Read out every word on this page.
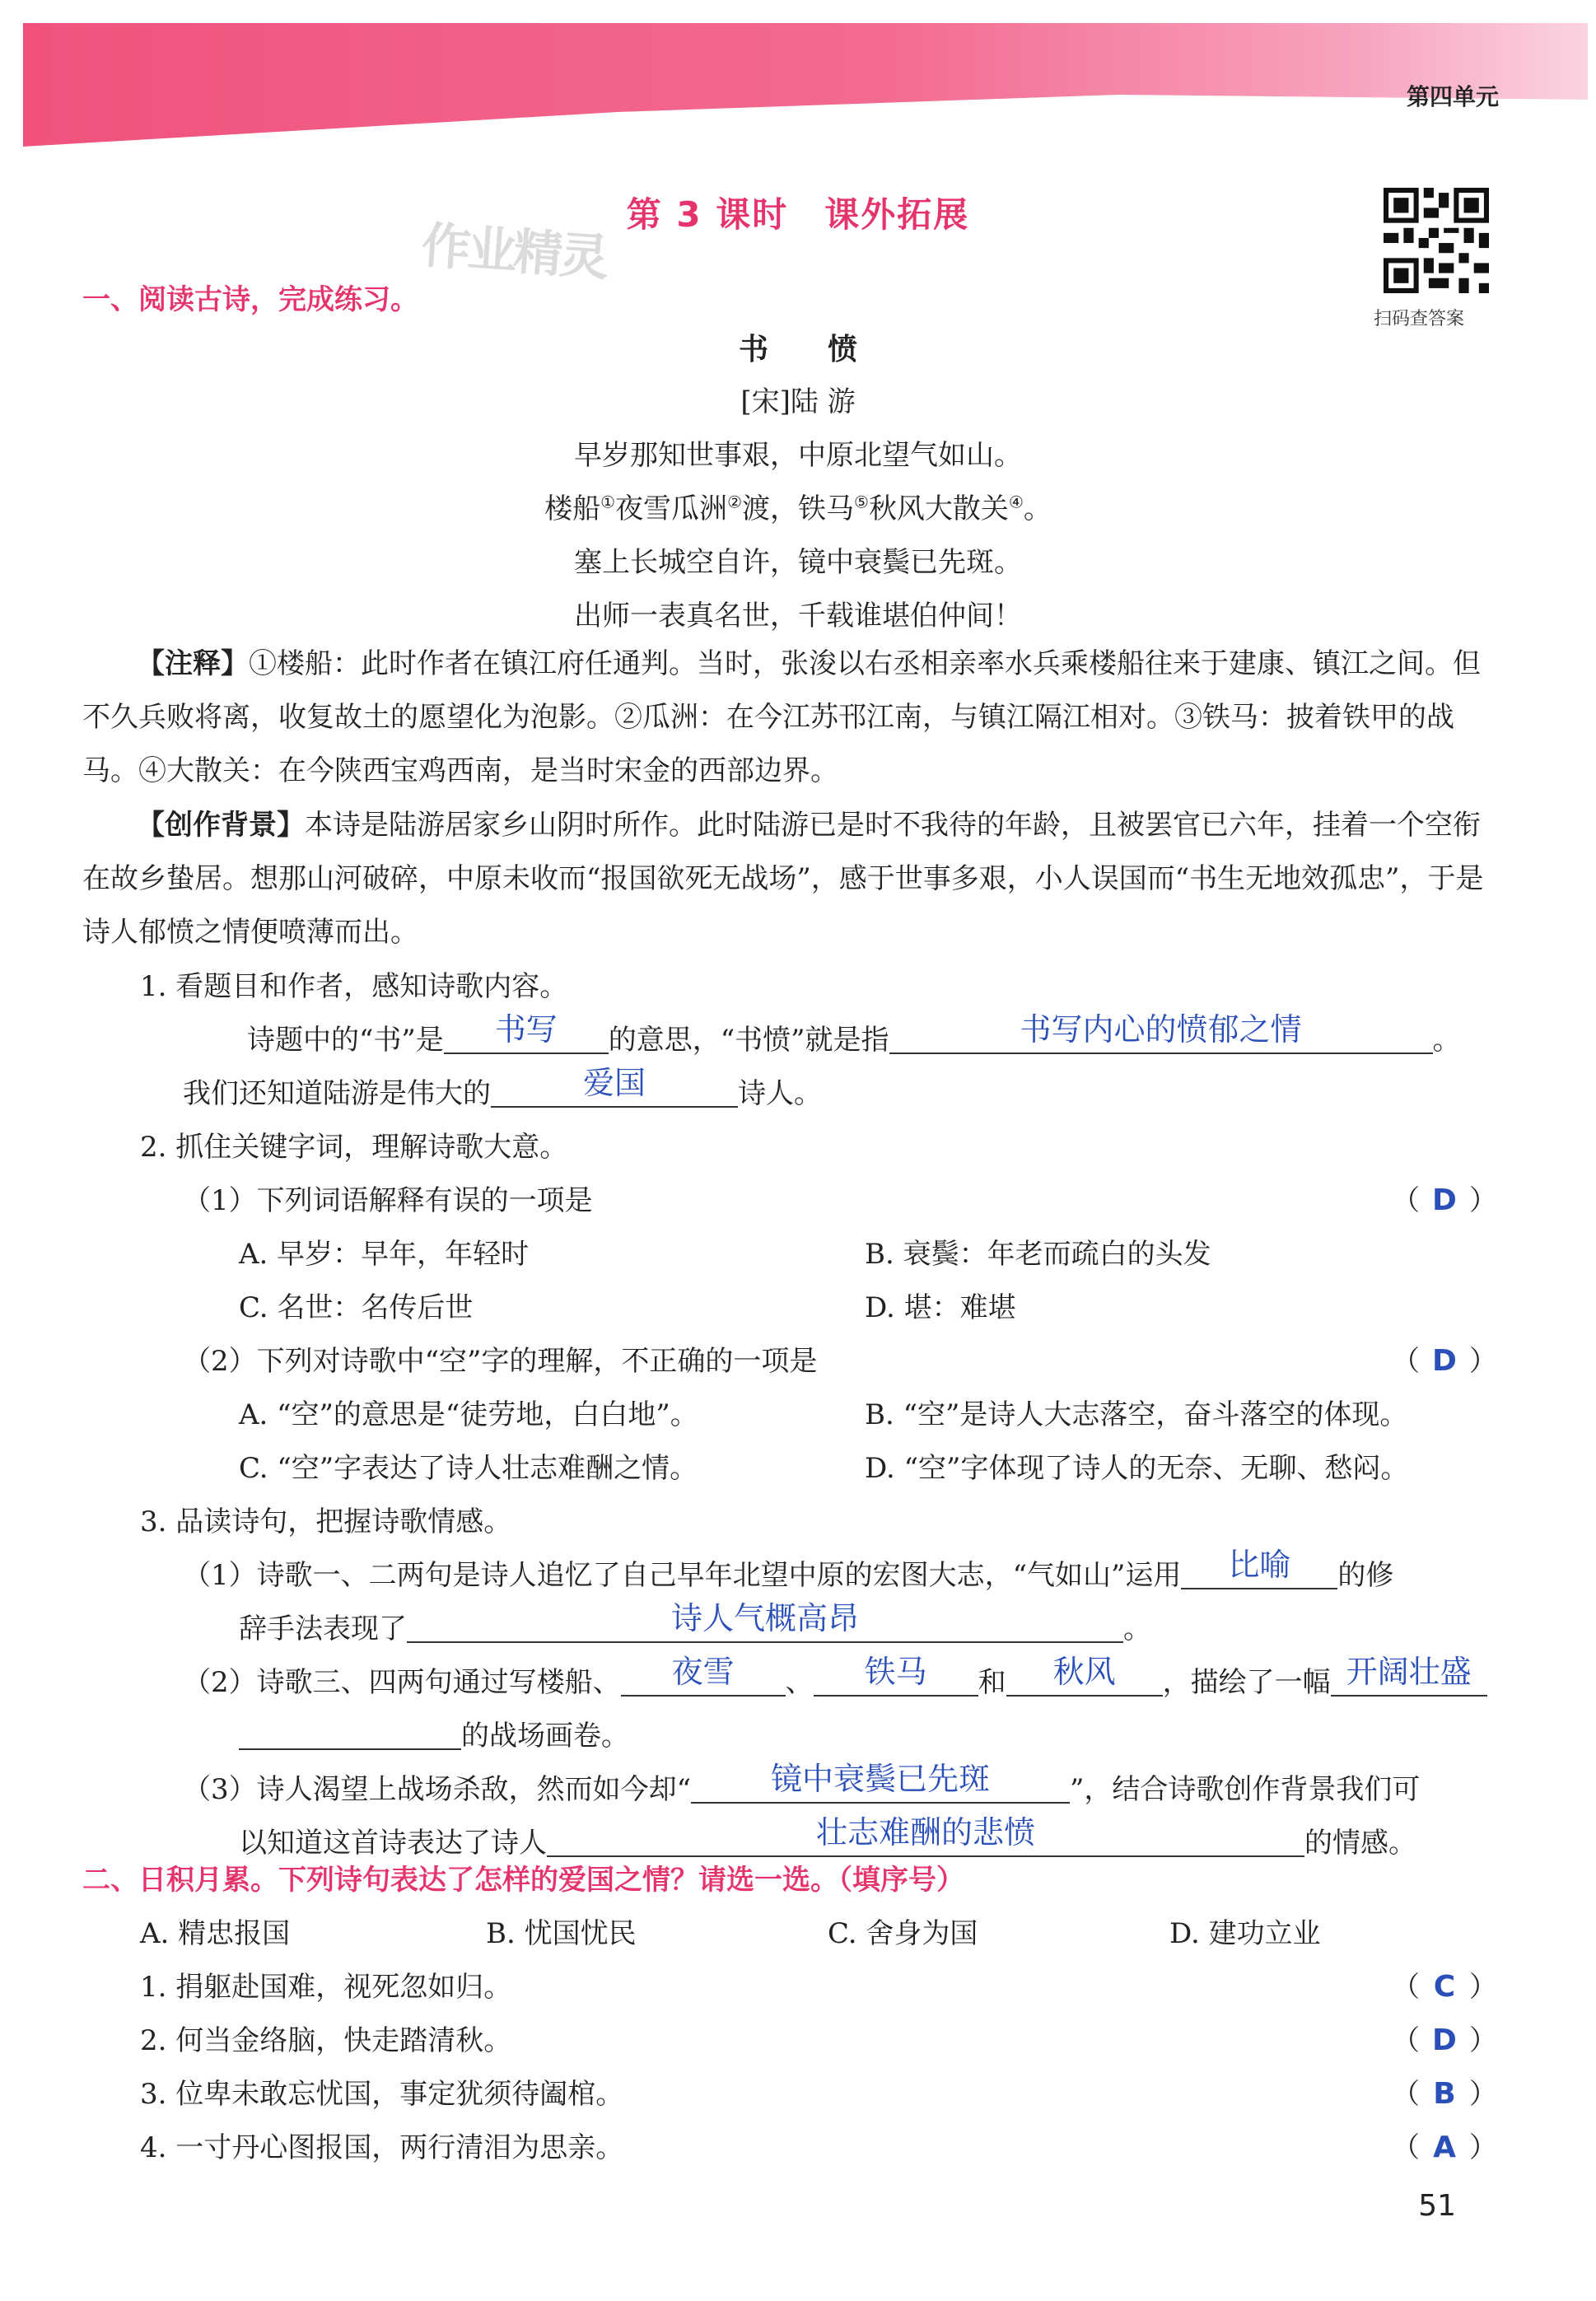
第四单元
第 3 课时　课外拓展
作业精灵
扫码查答案
一、阅读古诗，完成练习。
书　　愤
[宋]陆 游
早岁那知世事艰，中原北望气如山。
楼船①夜雪瓜洲②渡，铁马⑤秋风大散关④。
塞上长城空自许，镜中衰鬓已先斑。
出师一表真名世，千载谁堪伯仲间！
【注释】①楼船：此时作者在镇江府任通判。当时，张浚以右丞相亲率水兵乘楼船往来于建康、镇江之间。但不久兵败将离，收复故土的愿望化为泡影。②瓜洲：在今江苏邗江南，与镇江隔江相对。③铁马：披着铁甲的战马。④大散关：在今陕西宝鸡西南，是当时宋金的西部边界。
【创作背景】本诗是陆游居家乡山阴时所作。此时陆游已是时不我待的年龄，且被罢官已六年，挂着一个空衔在故乡蛰居。想那山河破碎，中原未收而“报国欲死无战场”，感于世事多艰，小人误国而“书生无地效孤忠”，于是诗人郁愤之情便喷薄而出。
1. 看题目和作者，感知诗歌内容。
诗题中的“书”是	书写	的意思，“书愤”就是指	书写内心的愤郁之情	。
我们还知道陆游是伟大的	爱国	诗人。
2. 抓住关键字词，理解诗歌大意。
（1）下列词语解释有误的一项是	（ D ）
A. 早岁：早年，年轻时	B. 衰鬓：年老而疏白的头发
C. 名世：名传后世	D. 堪：难堪
（2）下列对诗歌中“空”字的理解，不正确的一项是	（ D ）
A. “空”的意思是“徒劳地，白白地”。	B. “空”是诗人大志落空，奋斗落空的体现。
C. “空”字表达了诗人壮志难酬之情。	D. “空”字体现了诗人的无奈、无聊、愁闷。
3. 品读诗句，把握诗歌情感。
（1）诗歌一、二两句是诗人追忆了自己早年北望中原的宏图大志，“气如山”运用	比喻	的修
辞手法表现了	诗人气概高昂	。
（2）诗歌三、四两句通过写楼船、	夜雪	、	铁马	和	秋风	，描绘了一幅 开阔壮盛
的战场画卷。
（3）诗人渴望上战场杀敌，然而如今却“	镜中衰鬓已先斑	”，结合诗歌创作背景我们可
以知道这首诗表达了诗人	壮志难酬的悲愤	的情感。
二、日积月累。下列诗句表达了怎样的爱国之情？请选一选。（填序号）
A. 精忠报国	B. 忧国忧民	C. 舍身为国	D. 建功立业
1. 捐躯赴国难，视死忽如归。	（ C ）
2. 何当金络脑，快走踏清秋。	（ D ）
3. 位卑未敢忘忧国，事定犹须待阖棺。	（ B ）
4. 一寸丹心图报国，两行清泪为思亲。	（ A ）
51
